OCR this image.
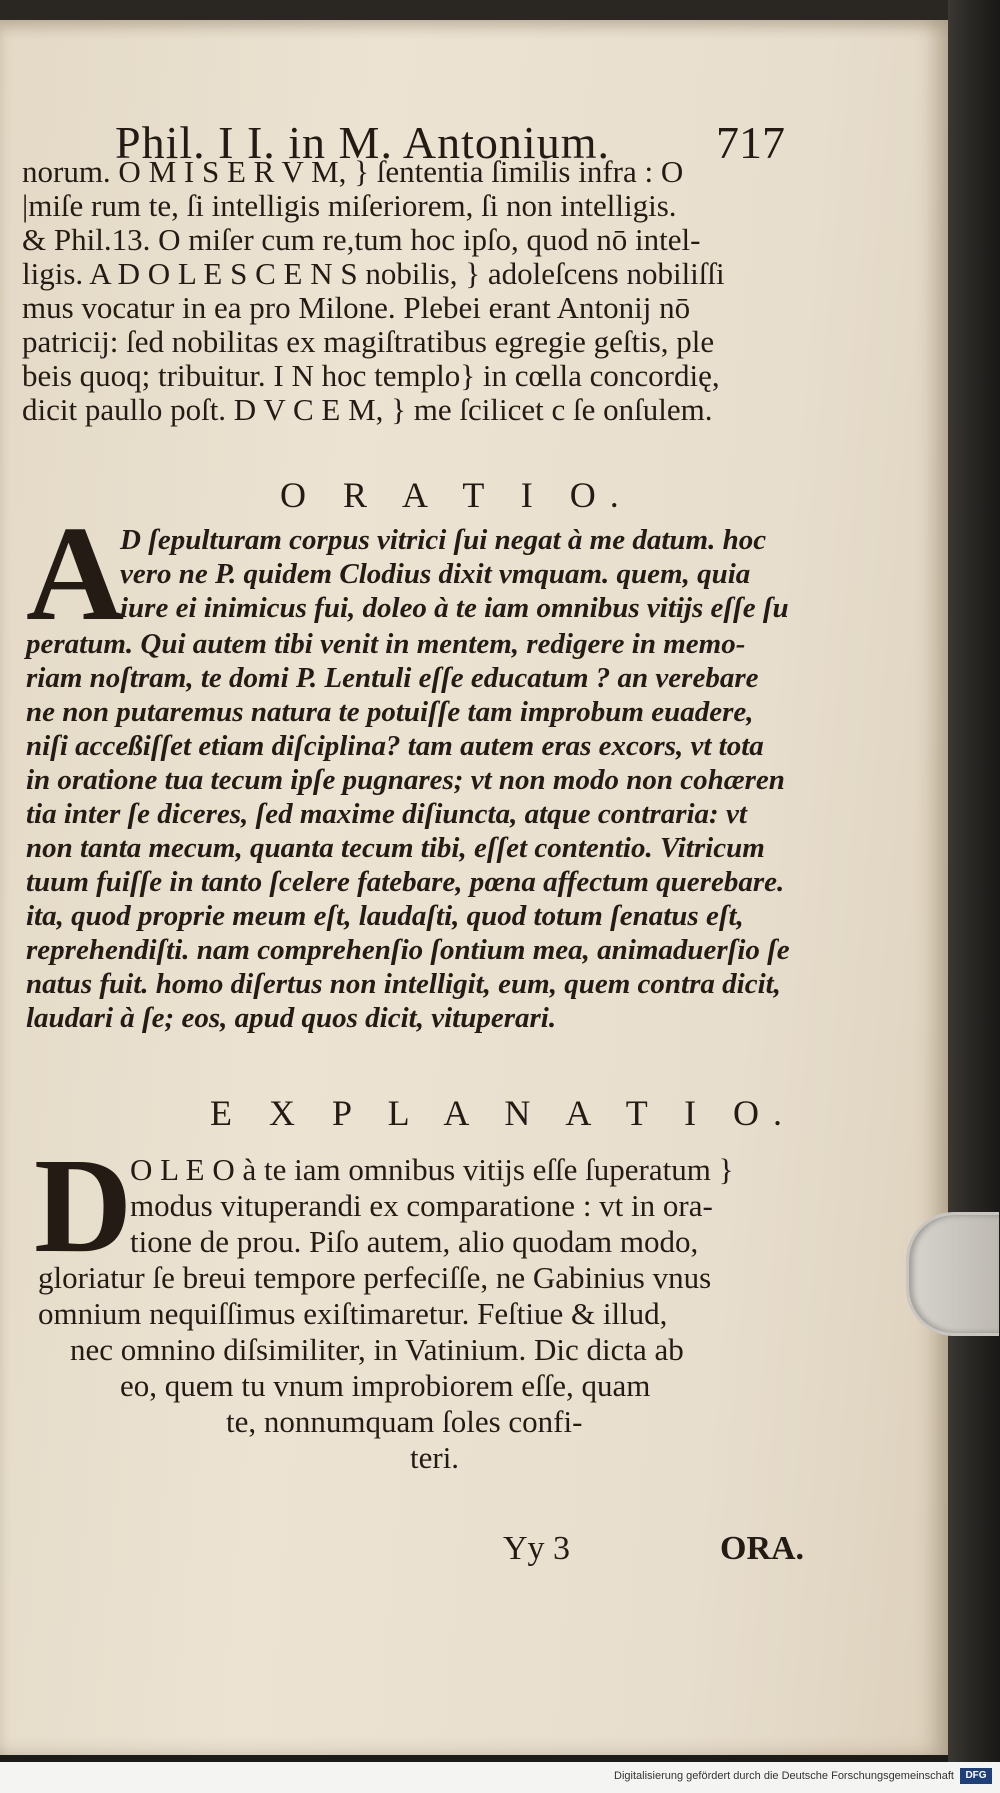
Phil. I I. in M. Antonium. 717
norum. O M I S E R V M, } ſententia ſimilis infra : O
|miſe rum te, ſi intelligis miſeriorem, ſi non intelligis.
& Phil.13. O miſer cum re,tum hoc ipſo, quod nō intel-
ligis. A D O L E S C E N S nobilis, } adoleſcens nobiliſſi
mus vocatur in ea pro Milone. Plebei erant Antonij nō
patricij: ſed nobilitas ex magiſtratibus egregie geſtis, ple
beis quoq; tribuitur. I N hoc templo} in cœlla concordię,
dicit paullo poſt. D V C E M, } me ſcilicet c ſe onſulem.
O R A T I O.
A
D ſepulturam corpus vitrici ſui negat à me datum. hoc
vero ne P. quidem Clodius dixit vmquam. quem, quia
iure ei inimicus fui, doleo à te iam omnibus vitijs eſſe ſu
peratum. Qui autem tibi venit in mentem, redigere in memo-
riam noſtram, te domi P. Lentuli eſſe educatum ? an verebare
ne non putaremus natura te potuiſſe tam improbum euadere,
niſi acceßiſſet etiam diſciplina? tam autem eras excors, vt tota
in oratione tua tecum ipſe pugnares; vt non modo non cohæren
tia inter ſe diceres, ſed maxime diſiuncta, atque contraria: vt
non tanta mecum, quanta tecum tibi, eſſet contentio. Vitricum
tuum fuiſſe in tanto ſcelere fatebare, pœna affectum querebare.
ita, quod proprie meum eſt, laudaſti, quod totum ſenatus eſt,
reprehendiſti. nam comprehenſio ſontium mea, animaduerſio ſe
natus fuit. homo diſertus non intelligit, eum, quem contra dicit,
laudari à ſe; eos, apud quos dicit, vituperari.
E X P L A N A T I O.
D
O L E O à te iam omnibus vitijs eſſe ſuperatum }
modus vituperandi ex comparatione : vt in ora-
tione de prou. Piſo autem, alio quodam modo,
gloriatur ſe breui tempore perfeciſſe, ne Gabinius vnus
omnium nequiſſimus exiſtimaretur. Feſtiue & illud,
nec omnino diſsimiliter, in Vatinium. Dic dicta ab
eo, quem tu vnum improbiorem eſſe, quam
te, nonnumquam ſoles confi-
teri.
Yy 3	ORA.
Digitalisierung gefördert durch die Deutsche Forschungsgemeinschaft	DFG
